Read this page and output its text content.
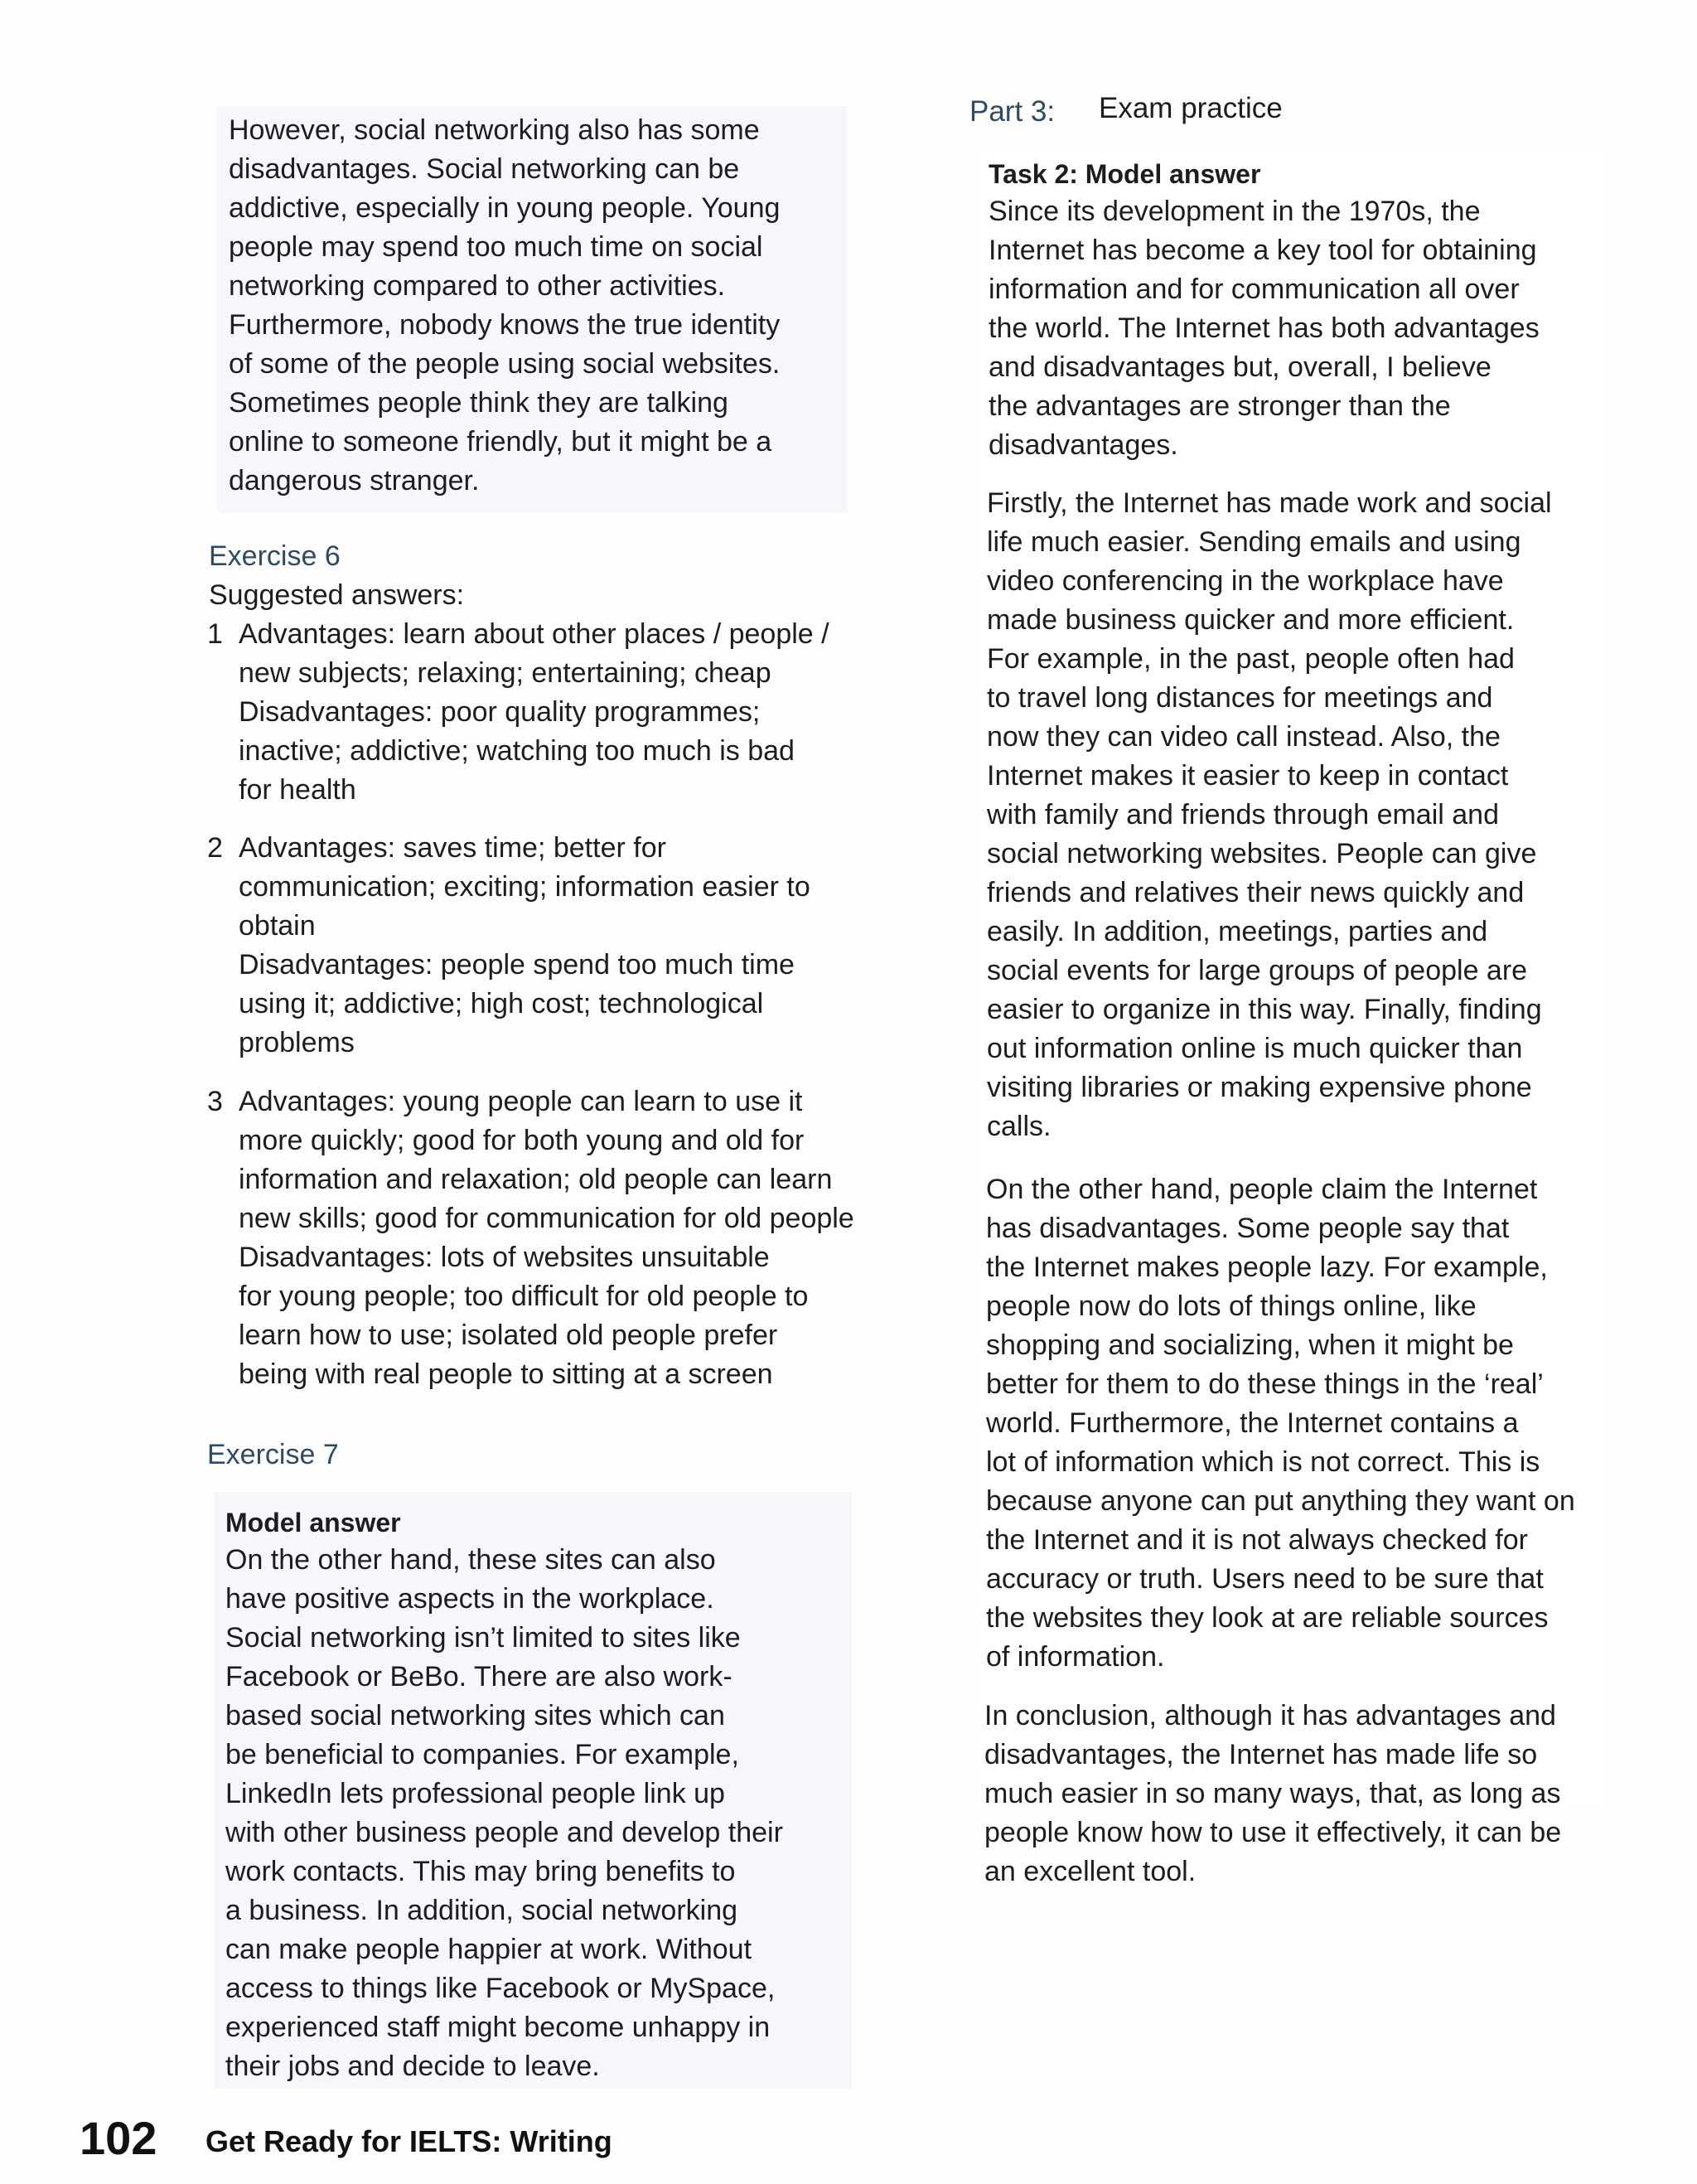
However, social networking also has some
disadvantages. Social networking can be
addictive, especially in young people. Young
people may spend too much time on social
networking compared to other activities.
Furthermore, nobody knows the true identity
of some of the people using social websites.
Sometimes people think they are talking
online to someone friendly, but it might be a
dangerous stranger.

Exercise 6

Suggested answers:

1 Advantages: learn about other places / people /
new subjects; relaxing; entertaining; cheap
Disadvantages: poor quality programmes;
inactive; addictive; watching too much is bad
for health
2 Advantages: saves time; better for
communication; exciting; information easier to
obtain
Disadvantages: people spend too much time
using it; addictive; high cost; technological
problems
3 Advantages: young people can learn to use it
more quickly; good for both young and old for
information and relaxation; old people can learn
new skills; good for communication for old people
Disadvantages: lots of websites unsuitable
for young people; too difficult for old people to
learn how to use; isolated old people prefer
being with real people to sitting at a screen

Exercise 7

Model answer

On the other hand, these sites can also
have positive aspects in the workplace.
Social networking isn’t limited to sites like
Facebook or BeBo. There are also work-
based social networking sites which can
be beneficial to companies. For example,
LinkedIn lets professional people link up
with other business people and develop their
work contacts. This may bring benefits to
a business. In addition, social networking
can make people happier at work. Without
access to things like Facebook or MySpace,
experienced staff might become unhappy in
their jobs and decide to leave.

Part 3: Exam practice

Task 2: Model answer

Since its development in the 1970s, the
Internet has become a key tool for obtaining
information and for communication all over
the world. The Internet has both advantages
and disadvantages but, overall, I believe
the advantages are stronger than the
disadvantages.

Firstly, the Internet has made work and social
life much easier. Sending emails and using
video conferencing in the workplace have
made business quicker and more efficient.
For example, in the past, people often had
to travel long distances for meetings and
now they can video call instead. Also, the
Internet makes it easier to keep in contact
with family and friends through email and
social networking websites. People can give
friends and relatives their news quickly and
easily. In addition, meetings, parties and
social events for large groups of people are
easier to organize in this way. Finally, finding
out information online is much quicker than
visiting libraries or making expensive phone
calls.

On the other hand, people claim the Internet
has disadvantages. Some people say that
the Internet makes people lazy. For example,
people now do lots of things online, like
shopping and socializing, when it might be
better for them to do these things in the ‘real’
world. Furthermore, the Internet contains a
lot of information which is not correct. This is
because anyone can put anything they want on
the Internet and it is not always checked for
accuracy or truth. Users need to be sure that
the websites they look at are reliable sources
of information.

In conclusion, although it has advantages and
disadvantages, the Internet has made life so
much easier in so many ways, that, as long as
people know how to use it effectively, it can be
an excellent tool.

102 Get Ready for IELTS: Writing
